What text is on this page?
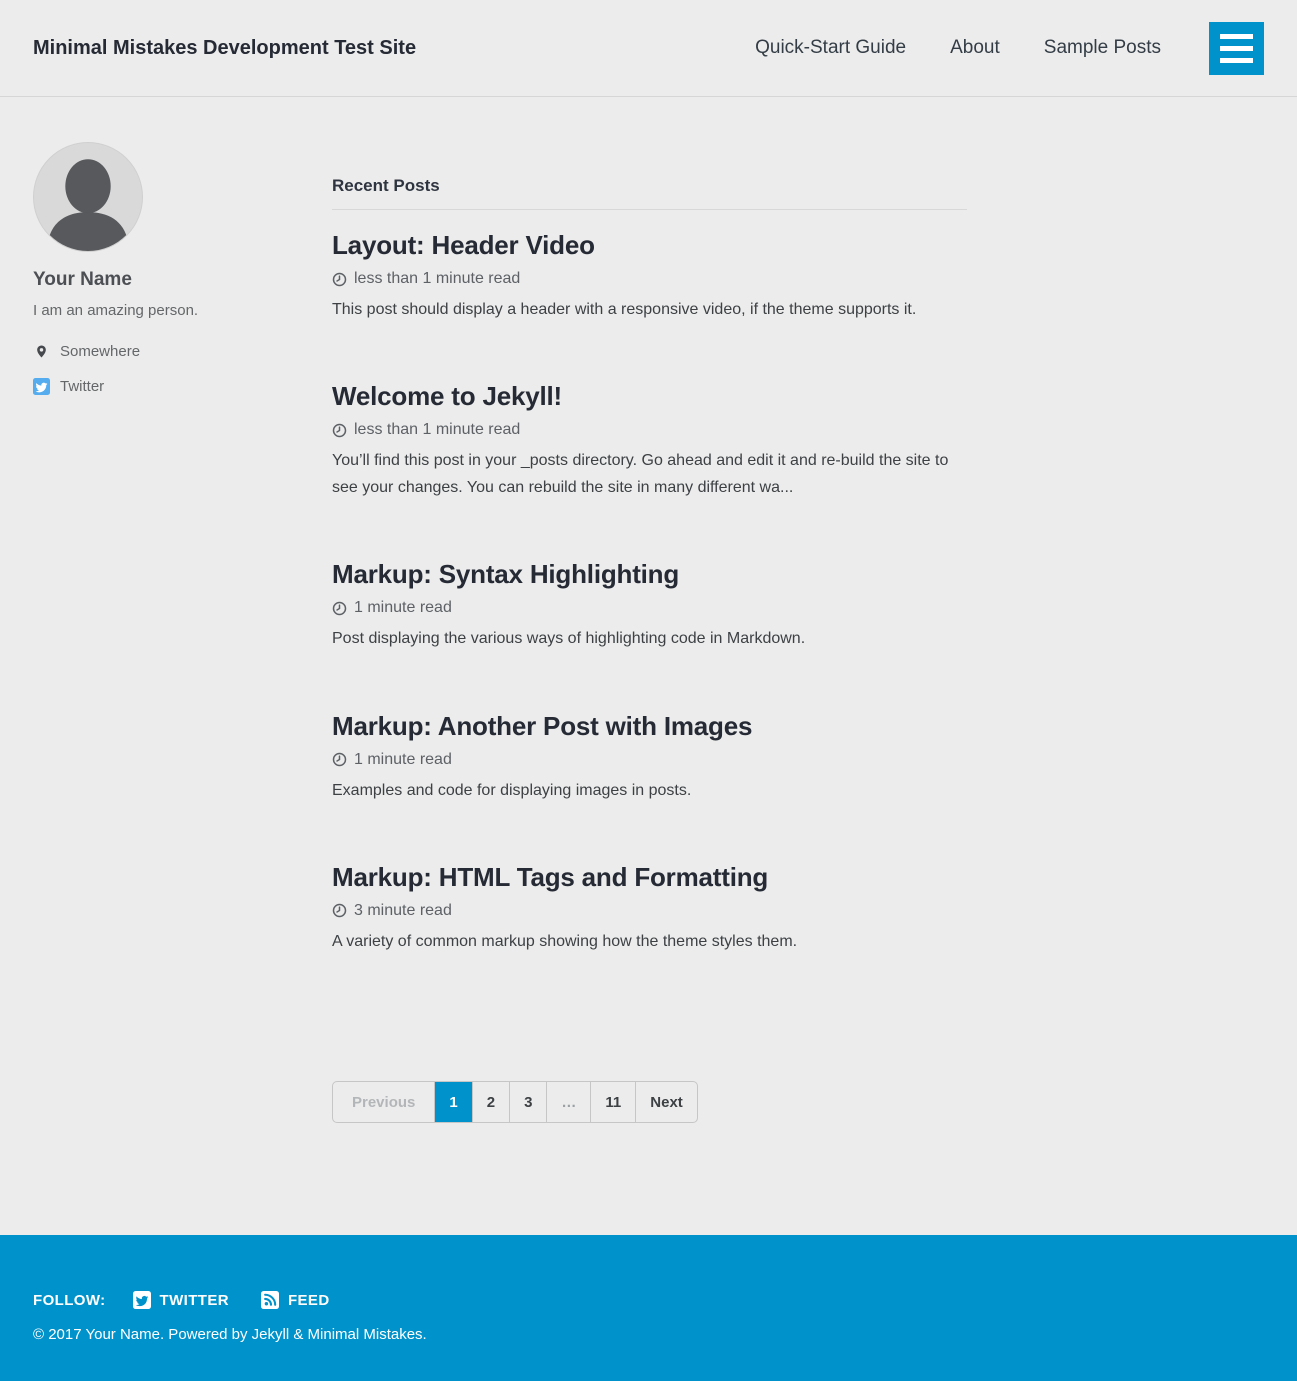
Minimal Mistakes Development Test Site	Quick-Start Guide About Sample Posts
Your Name

I am an amazing person.

Somewhere
Twitter
Recent Posts
Layout: Header Video

less than 1 minute read

This post should display a header with a responsive video, if the theme supports it.

Welcome to Jekyll!

less than 1 minute read

You’ll find this post in your _posts directory. Go ahead and edit it and re-build the site to see your changes. You can rebuild the site in many different wa...

Markup: Syntax Highlighting

1 minute read

Post displaying the various ways of highlighting code in Markdown.

Markup: Another Post with Images

1 minute read

Examples and code for displaying images in posts.

Markup: HTML Tags and Formatting

3 minute read

A variety of common markup showing how the theme styles them.

Previous	1	2	3	…	11	Next
FOLLOW:	TWITTER	FEED
© 2017 Your Name. Powered by Jekyll & Minimal Mistakes.
